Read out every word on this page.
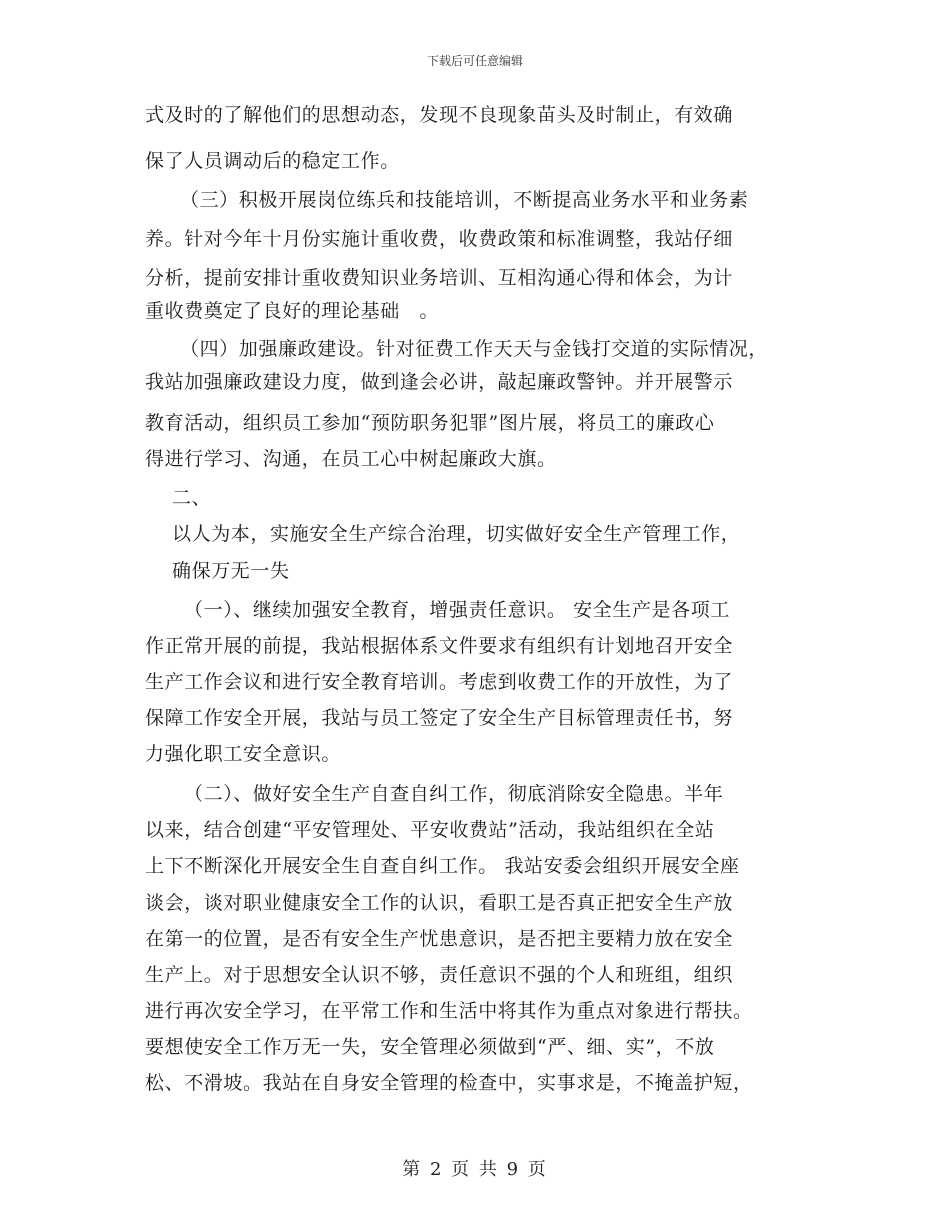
下载后可任意编辑
式及时的了解他们的思想动态，发现不良现象苗头及时制止，有效确
保了人员调动后的稳定工作。
（三）积极开展岗位练兵和技能培训，不断提高业务水平和业务素
养。针对今年十月份实施计重收费，收费政策和标准调整，我站仔细
分析，提前安排计重收费知识业务培训、互相沟通心得和体会，为计
重收费奠定了良好的理论基础　。
（四）加强廉政建设。针对征费工作天天与金钱打交道的实际情况，
我站加强廉政建设力度，做到逢会必讲，敲起廉政警钟。并开展警示
教育活动，组织员工参加“预防职务犯罪”图片展，将员工的廉政心
得进行学习、沟通，在员工心中树起廉政大旗。
二、
以人为本，实施安全生产综合治理，切实做好安全生产管理工作，
确保万无一失
（一）、继续加强安全教育，增强责任意识。 安全生产是各项工
作正常开展的前提，我站根据体系文件要求有组织有计划地召开安全
生产工作会议和进行安全教育培训。考虑到收费工作的开放性，为了
保障工作安全开展，我站与员工签定了安全生产目标管理责任书，努
力强化职工安全意识。
（二）、做好安全生产自查自纠工作，彻底消除安全隐患。半年
以来，结合创建“平安管理处、平安收费站”活动，我站组织在全站
上下不断深化开展安全生自查自纠工作。 我站安委会组织开展安全座
谈会，谈对职业健康安全工作的认识，看职工是否真正把安全生产放
在第一的位置，是否有安全生产忧患意识，是否把主要精力放在安全
生产上。对于思想安全认识不够，责任意识不强的个人和班组，组织
进行再次安全学习，在平常工作和生活中将其作为重点对象进行帮扶。
要想使安全工作万无一失，安全管理必须做到“严、细、实”，不放
松、不滑坡。我站在自身安全管理的检查中，实事求是，不掩盖护短，
第 2 页 共 9 页
